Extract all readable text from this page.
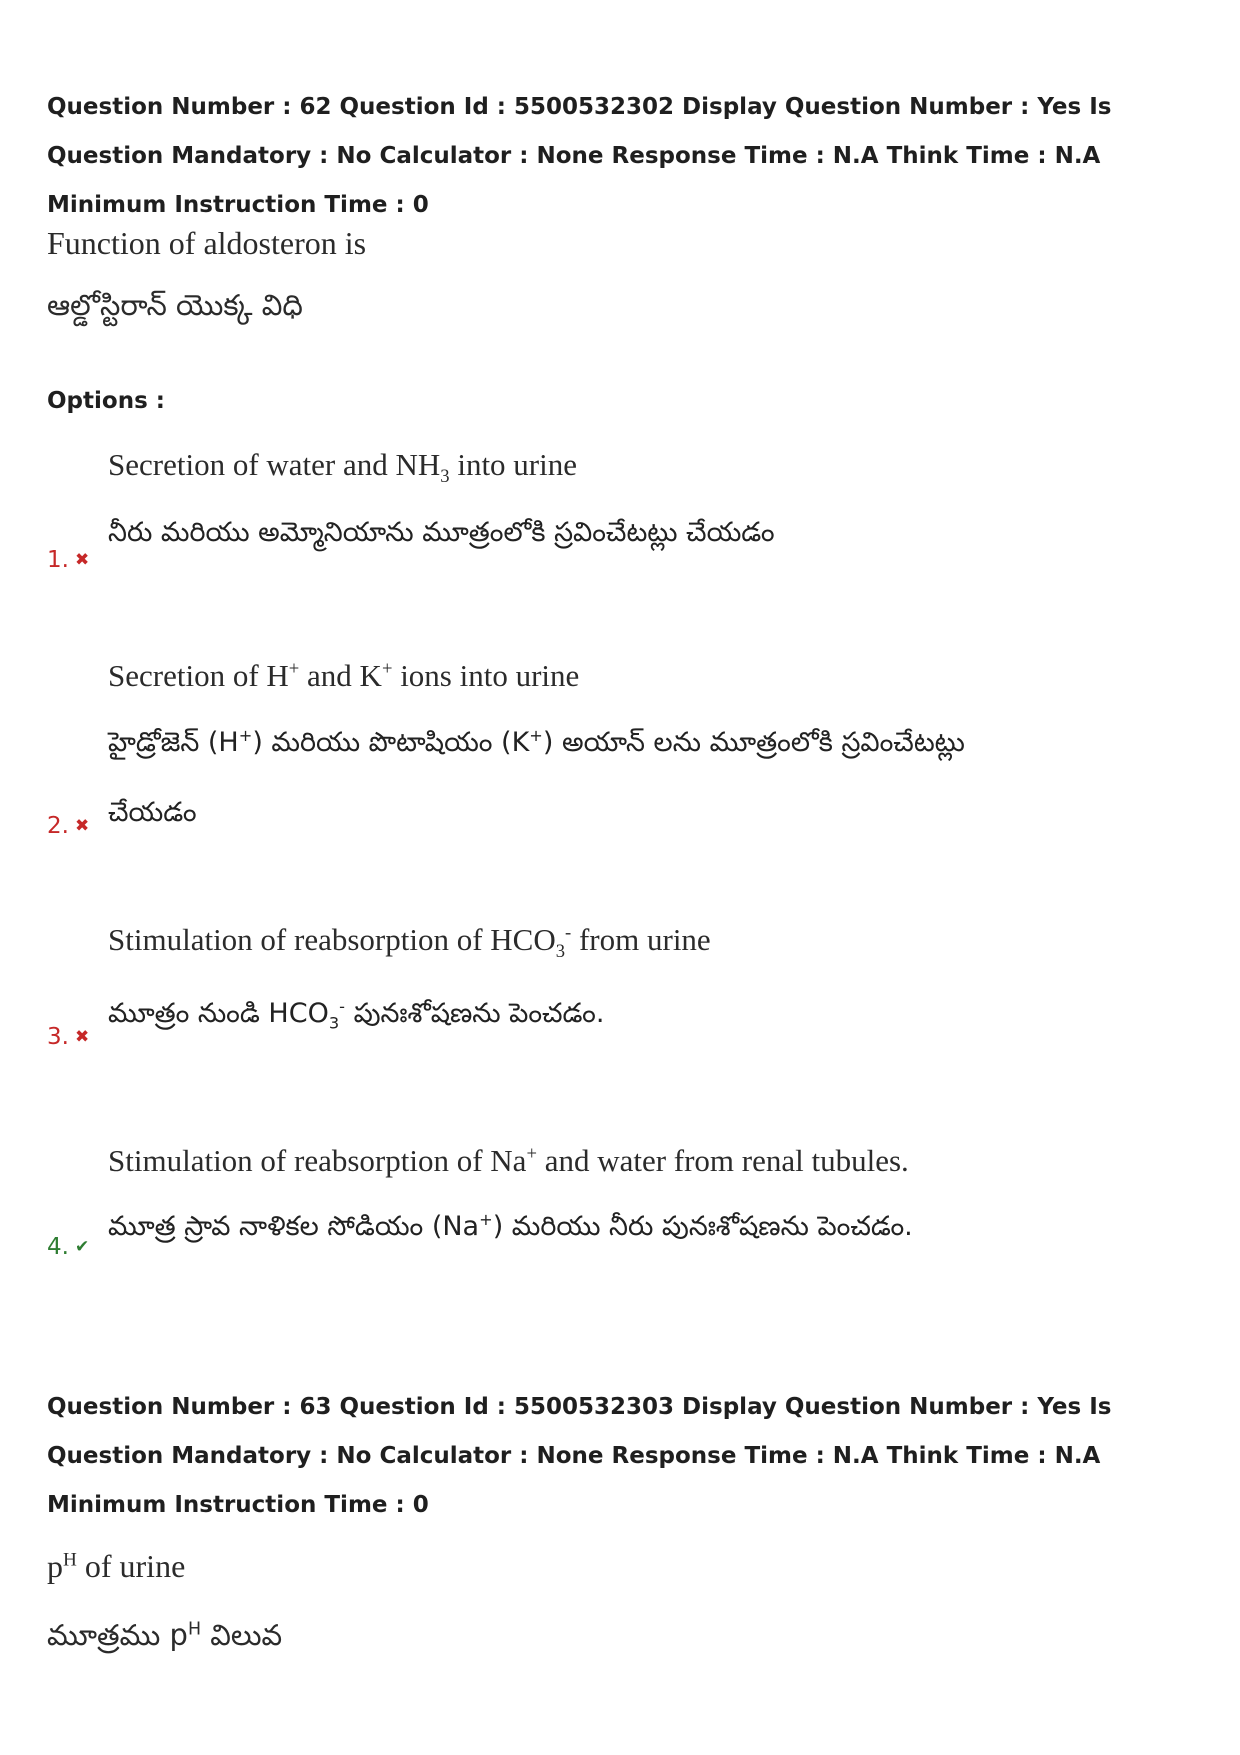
Question Number : 62 Question Id : 5500532302 Display Question Number : Yes Is Question Mandatory : No Calculator : None Response Time : N.A Think Time : N.A Minimum Instruction Time : 0
Function of aldosteron is
ఆల్డోస్టిరాన్ యొక్క విధి
Options :
Secretion of water and $NH_3$ into urine
నీరు మరియు అమ్మోనియాను మూత్రంలోకి స్రవించేటట్లు చేయడం
1. ✖
Secretion of H+ and K+ ions into urine
హైడ్రోజెన్ (H+) మరియు పొటాషియం (K+) అయాన్ లను మూత్రంలోకి స్రవించేటట్లు
చేయడం
2. ✖
Stimulation of reabsorption of $HCO_3^-$ from urine
మూత్రం నుండి $HCO_3^-$ పునఃశోషణను పెంచడం.
3. ✖
Stimulation of reabsorption of Na+ and water from renal tubules.
మూత్ర స్రావ నాళికల సోడియం (Na+) మరియు నీరు పునఃశోషణను పెంచడం.
4. ✔
Question Number : 63 Question Id : 5500532303 Display Question Number : Yes Is Question Mandatory : No Calculator : None Response Time : N.A Think Time : N.A Minimum Instruction Time : 0
$p^H$ of urine
మూత్రము $p^H$ విలువ
